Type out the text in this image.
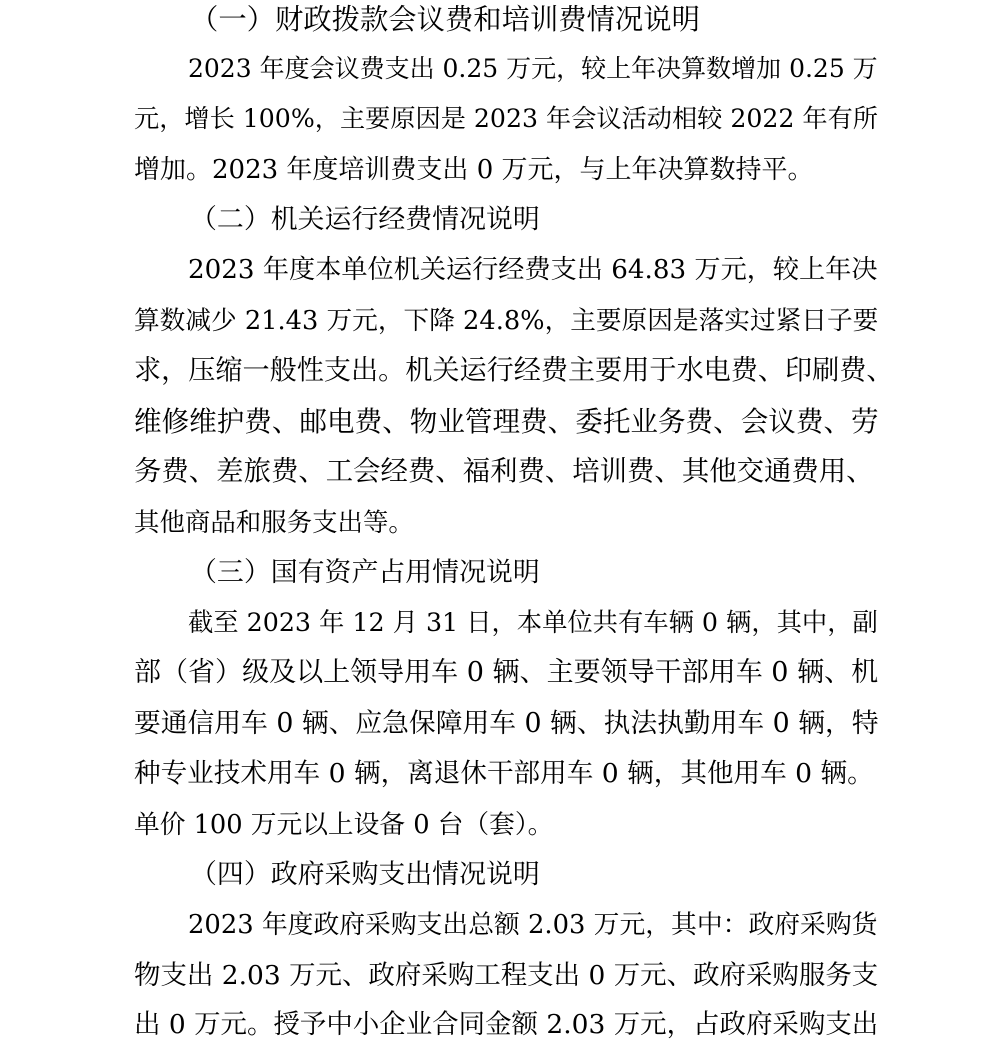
（一）财政拨款会议费和培训费情况说明
2023 年度会议费支出 0.25 万元，较上年决算数增加 0.25 万
元，增长 100%，主要原因是 2023 年会议活动相较 2022 年有所
增加。2023 年度培训费支出 0 万元，与上年决算数持平。
（二）机关运行经费情况说明
2023 年度本单位机关运行经费支出 64.83 万元，较上年决
算数减少 21.43 万元，下降 24.8%，主要原因是落实过紧日子要
求，压缩一般性支出。机关运行经费主要用于水电费、印刷费、
维修维护费、邮电费、物业管理费、委托业务费、会议费、劳
务费、差旅费、工会经费、福利费、培训费、其他交通费用、
其他商品和服务支出等。
（三）国有资产占用情况说明
截至 2023 年 12 月 31 日，本单位共有车辆 0 辆，其中，副
部（省）级及以上领导用车 0 辆、主要领导干部用车 0 辆、机
要通信用车 0 辆、应急保障用车 0 辆、执法执勤用车 0 辆，特
种专业技术用车 0 辆，离退休干部用车 0 辆，其他用车 0 辆。
单价 100 万元以上设备 0 台（套）。
（四）政府采购支出情况说明
2023 年度政府采购支出总额 2.03 万元，其中：政府采购货
物支出 2.03 万元、政府采购工程支出 0 万元、政府采购服务支
出 0 万元。授予中小企业合同金额 2.03 万元，占政府采购支出
